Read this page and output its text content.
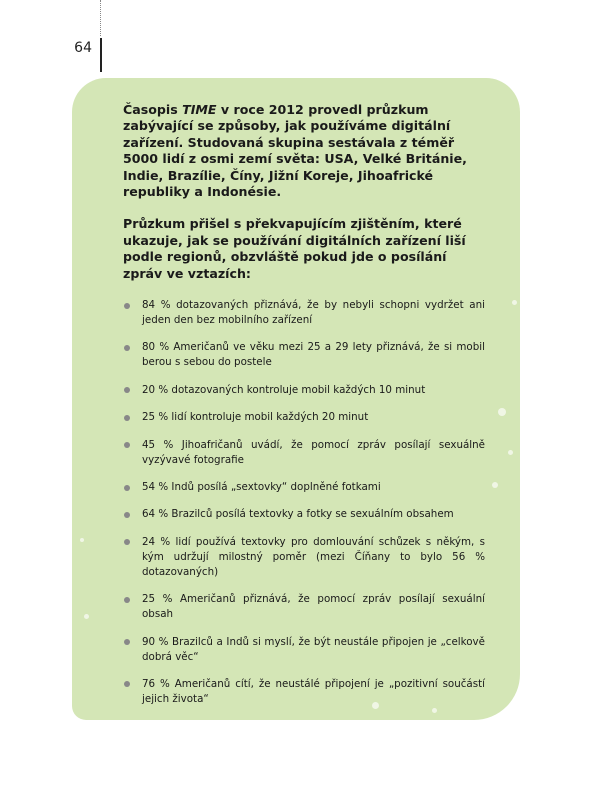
64

Časopis TIME v roce 2012 provedl průzkum zabývající se způsoby, jak používáme digitální zařízení. Studovaná skupina sestávala z téměř 5000 lidí z osmi zemí světa: USA, Velké Británie, Indie, Brazílie, Číny, Jižní Koreje, Jihoafrické republiky a Indonésie.

Průzkum přišel s překvapujícím zjištěním, které ukazuje, jak se používání digitálních zařízení liší podle regionů, obzvláště pokud jde o posílání zpráv ve vztazích:

84 % dotazovaných přiznává, že by nebyli schopni vydržet ani jeden den bez mobilního zařízení
80 % Američanů ve věku mezi 25 a 29 lety přiznává, že si mobil berou s sebou do postele
20 % dotazovaných kontroluje mobil každých 10 minut
25 % lidí kontroluje mobil každých 20 minut
45 % Jihoafričanů uvádí, že pomocí zpráv posílají sexuálně vyzývavé fotografie
54 % Indů posílá „sextovky“ doplněné fotkami
64 % Brazilců posílá textovky a fotky se sexuálním obsahem
24 % lidí používá textovky pro domlouvání schůzek s někým, s kým udržují milostný poměr (mezi Číňany to bylo 56 % dotazovaných)
25 % Američanů přiznává, že pomocí zpráv posílají sexuální obsah
90 % Brazilců a Indů si myslí, že být neustále připojen je „celkově dobrá věc“
76 % Američanů cítí, že neustálé připojení je „pozitivní součástí jejich života“
